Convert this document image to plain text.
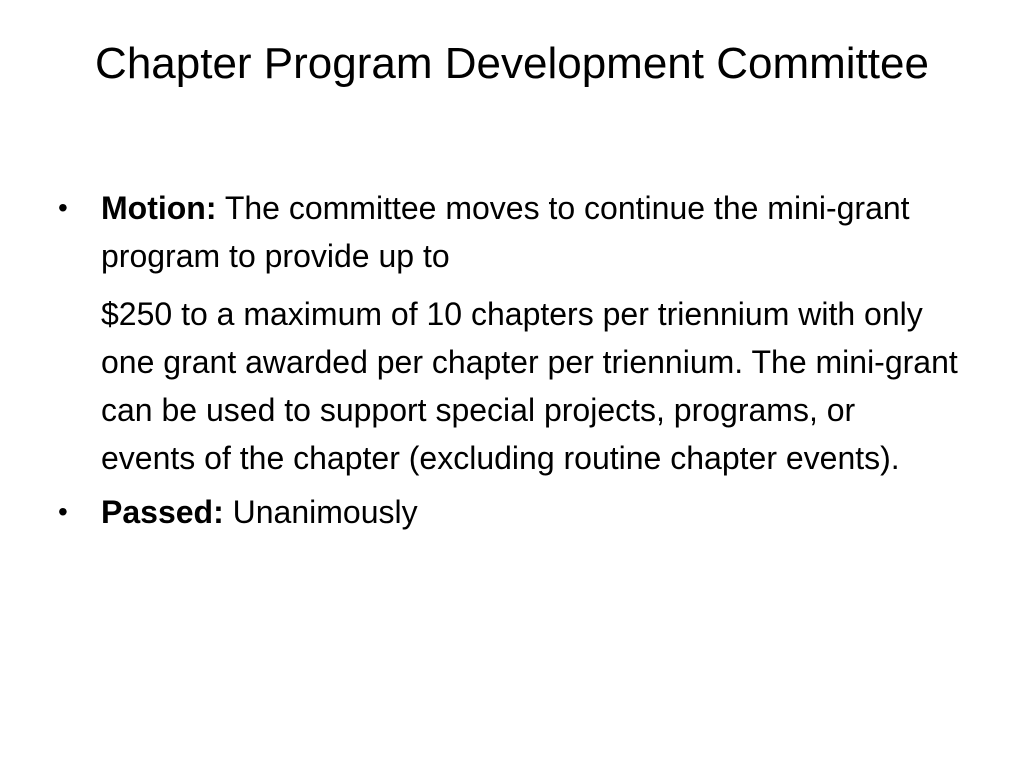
Chapter Program Development Committee
• Motion: The committee moves to continue the mini-grant program to provide up to

$250 to a maximum of 10 chapters per triennium with only one grant awarded per chapter per triennium. The mini-grant can be used to support special projects, programs, or events of the chapter (excluding routine chapter events).

• Passed: Unanimously
